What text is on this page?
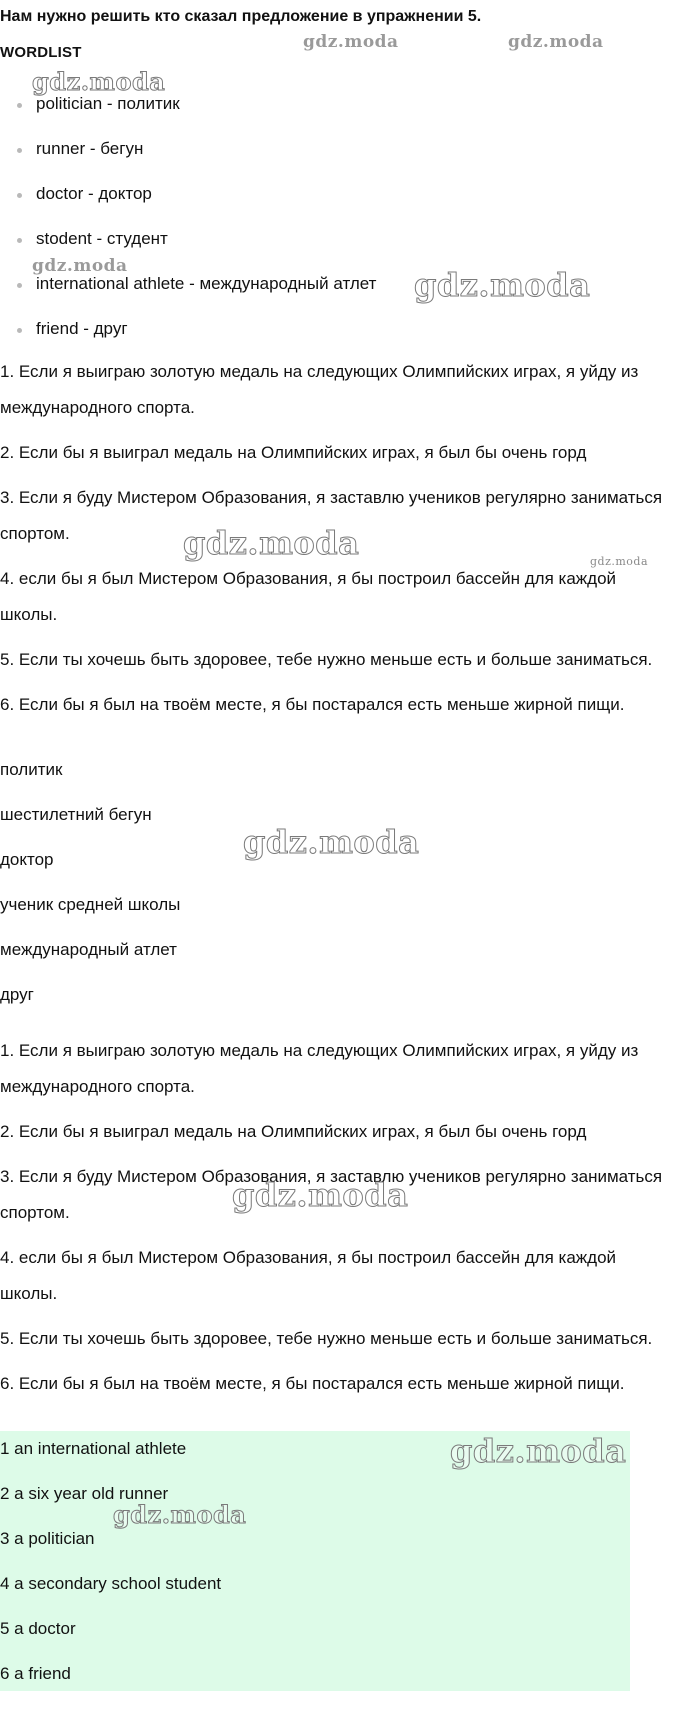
Нам нужно решить кто сказал предложение в упражнении 5.
WORDLIST
politician - политик
runner - бегун
doctor - доктор
stodent - студент
international athlete - международный атлет
friend - друг
1. Если я выиграю золотую медаль на следующих Олимпийских играх, я уйду из международного спорта.
2. Если бы я выиграл медаль на Олимпийских играх, я был бы очень горд
3. Если я буду Мистером Образования, я заставлю учеников регулярно заниматься спортом.
4. если бы я был Мистером Образования, я бы построил бассейн для каждой школы.
5. Если ты хочешь быть здоровее, тебе нужно меньше есть и больше заниматься.
6. Если бы я был на твоём месте, я бы постарался есть меньше жирной пищи.
политик
шестилетний бегун
доктор
ученик средней школы
международный атлет
друг
1. Если я выиграю золотую медаль на следующих Олимпийских играх, я уйду из международного спорта.
2. Если бы я выиграл медаль на Олимпийских играх, я был бы очень горд
3. Если я буду Мистером Образования, я заставлю учеников регулярно заниматься спортом.
4. если бы я был Мистером Образования, я бы построил бассейн для каждой школы.
5. Если ты хочешь быть здоровее, тебе нужно меньше есть и больше заниматься.
6. Если бы я был на твоём месте, я бы постарался есть меньше жирной пищи.
1 an international athlete
2 a six year old runner
3 a politician
4 a secondary school student
5 a doctor
6 a friend
gdz.moda	gdz.moda
gdz.moda
gdz.moda	gdz.moda
gdz.moda	gdz.moda
gdz.moda
gdz.moda
gdz.moda
gdz.moda
